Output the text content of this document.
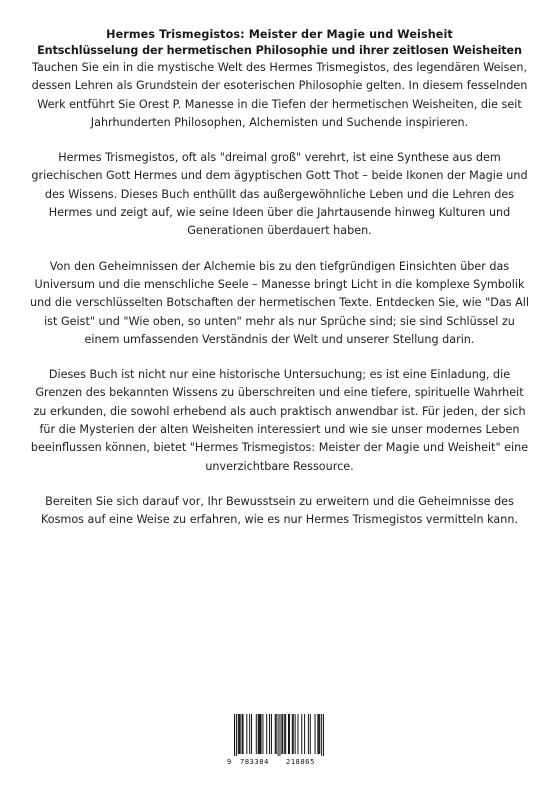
Hermes Trismegistos: Meister der Magie und Weisheit
Entschlüsselung der hermetischen Philosophie und ihrer zeitlosen Weisheiten

Tauchen Sie ein in die mystische Welt des Hermes Trismegistos, des legendären Weisen, dessen Lehren als Grundstein der esoterischen Philosophie gelten. In diesem fesselnden Werk entführt Sie Orest P. Manesse in die Tiefen der hermetischen Weisheiten, die seit Jahrhunderten Philosophen, Alchemisten und Suchende inspirieren.

Hermes Trismegistos, oft als "dreimal groß" verehrt, ist eine Synthese aus dem griechischen Gott Hermes und dem ägyptischen Gott Thot – beide Ikonen der Magie und des Wissens. Dieses Buch enthüllt das außergewöhnliche Leben und die Lehren des Hermes und zeigt auf, wie seine Ideen über die Jahrtausende hinweg Kulturen und Generationen überdauert haben.

Von den Geheimnissen der Alchemie bis zu den tiefgründigen Einsichten über das Universum und die menschliche Seele – Manesse bringt Licht in die komplexe Symbolik und die verschlüsselten Botschaften der hermetischen Texte. Entdecken Sie, wie "Das All ist Geist" und "Wie oben, so unten" mehr als nur Sprüche sind; sie sind Schlüssel zu einem umfassenden Verständnis der Welt und unserer Stellung darin.

Dieses Buch ist nicht nur eine historische Untersuchung; es ist eine Einladung, die Grenzen des bekannten Wissens zu überschreiten und eine tiefere, spirituelle Wahrheit zu erkunden, die sowohl erhebend als auch praktisch anwendbar ist. Für jeden, der sich für die Mysterien der alten Weisheiten interessiert und wie sie unser modernes Leben beeinflussen können, bietet "Hermes Trismegistos: Meister der Magie und Weisheit" eine unverzichtbare Ressource.

Bereiten Sie sich darauf vor, Ihr Bewusstsein zu erweitern und die Geheimnisse des Kosmos auf eine Weise zu erfahren, wie es nur Hermes Trismegistos vermitteln kann.

9 783384 218865
